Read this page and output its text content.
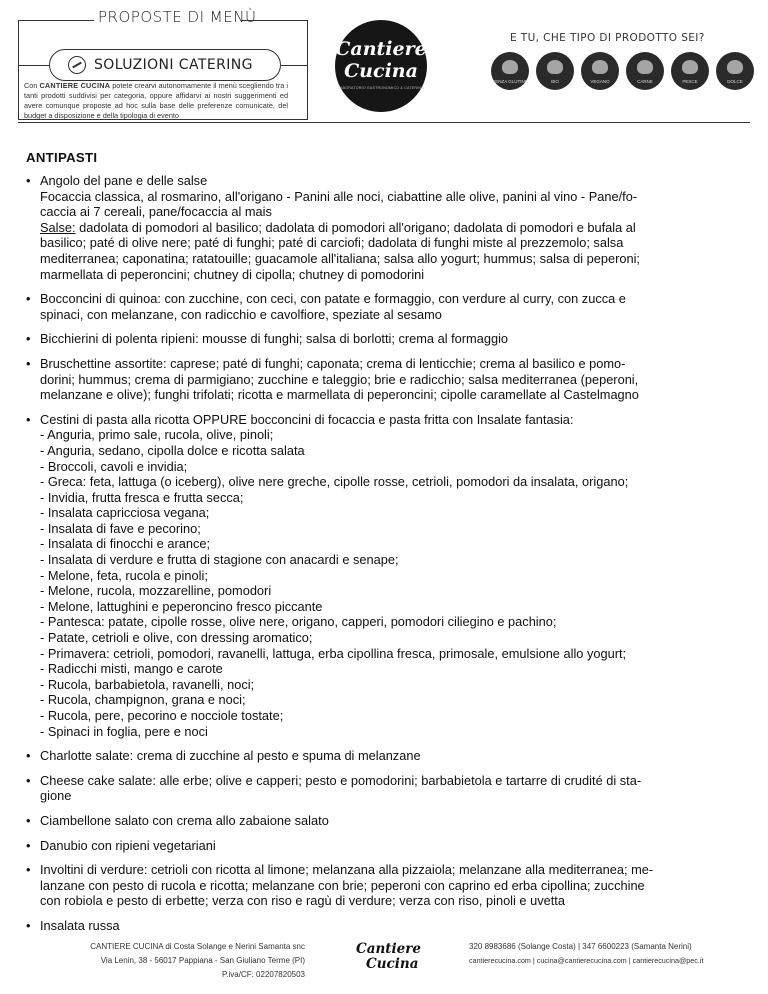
PROPOSTE DI MENÙ
SOLUZIONI CATERING
Con CANTIERE CUCINA potete crearvi autonomamente il menù scegliendo tra i tanti prodotti suddivisi per categoria, oppure affidarvi ai nostri suggerimenti ed avere comunque proposte ad hoc sulla base delle preferenze comunicate, del budget a disposizione e della tipologia di evento
Cantiere
Cucina
LABORATORIO GASTRONOMICO & CATERING
E TU, CHE TIPO DI PRODOTTO SEI?
SENZA GLUTINE	BIO	VEGANO	CARNE	PESCE	DOLCE
ANTIPASTI
• Angolo del pane e delle salse
Focaccia classica, al rosmarino, all'origano - Panini alle noci, ciabattine alle olive, panini al vino - Pane/fo-
caccia ai 7 cereali, pane/focaccia al mais
Salse: dadolata di pomodori al basilico; dadolata di pomodori all'origano; dadolata di pomodori e bufala al
basilico; paté di olive nere; paté di funghi; paté di carciofi; dadolata di funghi miste al prezzemolo; salsa
mediterranea; caponatina; ratatouille; guacamole all'italiana; salsa allo yogurt; hummus; salsa di peperoni;
marmellata di peperoncini; chutney di cipolla; chutney di pomodorini
• Bocconcini di quinoa: con zucchine, con ceci, con patate e formaggio, con verdure al curry, con zucca e
spinaci, con melanzane, con radicchio e cavolfiore, speziate al sesamo
• Bicchierini di polenta ripieni: mousse di funghi; salsa di borlotti; crema al formaggio
• Bruschettine assortite: caprese; paté di funghi; caponata; crema di lenticchie; crema al basilico e pomo-
dorini; hummus; crema di parmigiano; zucchine e taleggio; brie e radicchio; salsa mediterranea (peperoni,
melanzane e olive); funghi trifolati; ricotta e marmellata di peperoncini; cipolle caramellate al Castelmagno
• Cestini di pasta alla ricotta OPPURE bocconcini di focaccia e pasta fritta con Insalate fantasia:
- Anguria, primo sale, rucola, olive, pinoli;
- Anguria, sedano, cipolla dolce e ricotta salata
- Broccoli, cavoli e invidia;
- Greca: feta, lattuga (o iceberg), olive nere greche, cipolle rosse, cetrioli, pomodori da insalata, origano;
- Invidia, frutta fresca e frutta secca;
- Insalata capricciosa vegana;
- Insalata di fave e pecorino;
- Insalata di finocchi e arance;
- Insalata di verdure e frutta di stagione con anacardi e senape;
- Melone, feta, rucola e pinoli;
- Melone, rucola, mozzarelline, pomodori
- Melone, lattughini e peperoncino fresco piccante
- Pantesca: patate, cipolle rosse, olive nere, origano, capperi, pomodori ciliegino e pachino;
- Patate, cetrioli e olive, con dressing aromatico;
- Primavera: cetrioli, pomodori, ravanelli, lattuga, erba cipollina fresca, primosale, emulsione allo yogurt;
- Radicchi misti, mango e carote
- Rucola, barbabietola, ravanelli, noci;
- Rucola, champignon, grana e noci;
- Rucola, pere, pecorino e nocciole tostate;
- Spinaci in foglia, pere e noci
• Charlotte salate: crema di zucchine al pesto e spuma di melanzane
• Cheese cake salate: alle erbe; olive e capperi; pesto e pomodorini; barbabietola e tartarre di crudité di sta-
gione
• Ciambellone salato con crema allo zabaione salato
• Danubio con ripieni vegetariani
• Involtini di verdure: cetrioli con ricotta al limone; melanzana alla pizzaiola; melanzane alla mediterranea; me-
lanzane con pesto di rucola e ricotta; melanzane con brie; peperoni con caprino ed erba cipollina; zucchine
con robiola e pesto di erbette; verza con riso e ragù di verdure; verza con riso, pinoli e uvetta
• Insalata russa
CANTIERE CUCINA di Costa Solange e Nerini Samanta snc
Via Lenin, 38 - 56017 Pappiana - San Giuliano Terme (PI)
P.iva/CF: 02207820503
Cantiere
Cucina
320 8983686 (Solange Costa) | 347 6600223 (Samanta Nerini)
cantierecucina.com | cucina@cantierecucina.com | cantierecucina@pec.it
